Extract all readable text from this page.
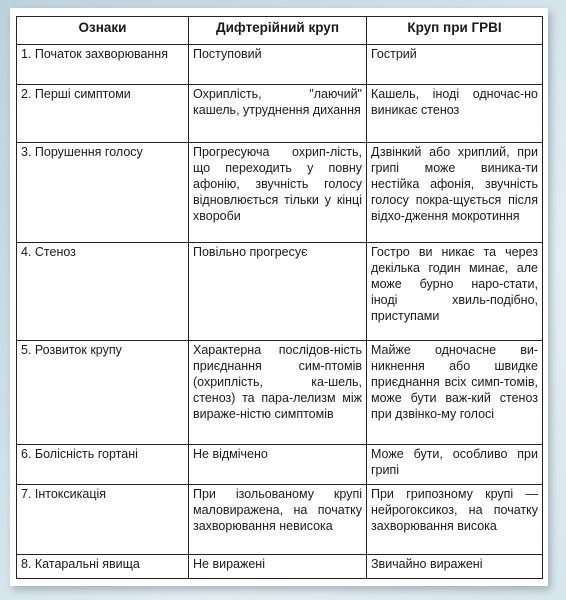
Ознаки	Дифтерійний круп	Круп при ГРВІ
1. Початок захворювання	Поступовий	Гострий
2. Перші симптоми	Охриплість, "лаючий" кашель, утруднення дихання	Кашель, іноді одночас-но виникає стеноз
3. Порушення голосу	Прогресуюча охрип-лість, що переходить у повну афонію, звучність голосу відновлюється тільки у кінці хвороби	Дзвінкий або хриплий, при грипі може виника-ти нестійка афонія, звучність голосу покра-щується після відхо-дження мокротиння
4. Стеноз	Повільно прогресує	Гостро ви никає та через декілька годин минає, але може бурно наро-стати, іноді хвиль-подібно, приступами
5. Розвиток крупу	Характерна послідов-ність приєднання сим-птомів (охриплість, ка-шель, стеноз) та пара-лелизм між вираже-ністю симптомів	Майже одночасне ви-никнення або швидке приєднання всіх симп-томів, може бути важ-кий стеноз при дзвінко-му голосі
6. Болісність гортані	Не відмічено	Може бути, особливо при грипі
7. Інтоксикація	При ізольованому крупі маловиражена, на початку захворювання невисока	При грипозному крупі — нейрогоксикоз, на початку захворювання висока
8. Катаральні явища	Не виражені	Звичайно виражені
